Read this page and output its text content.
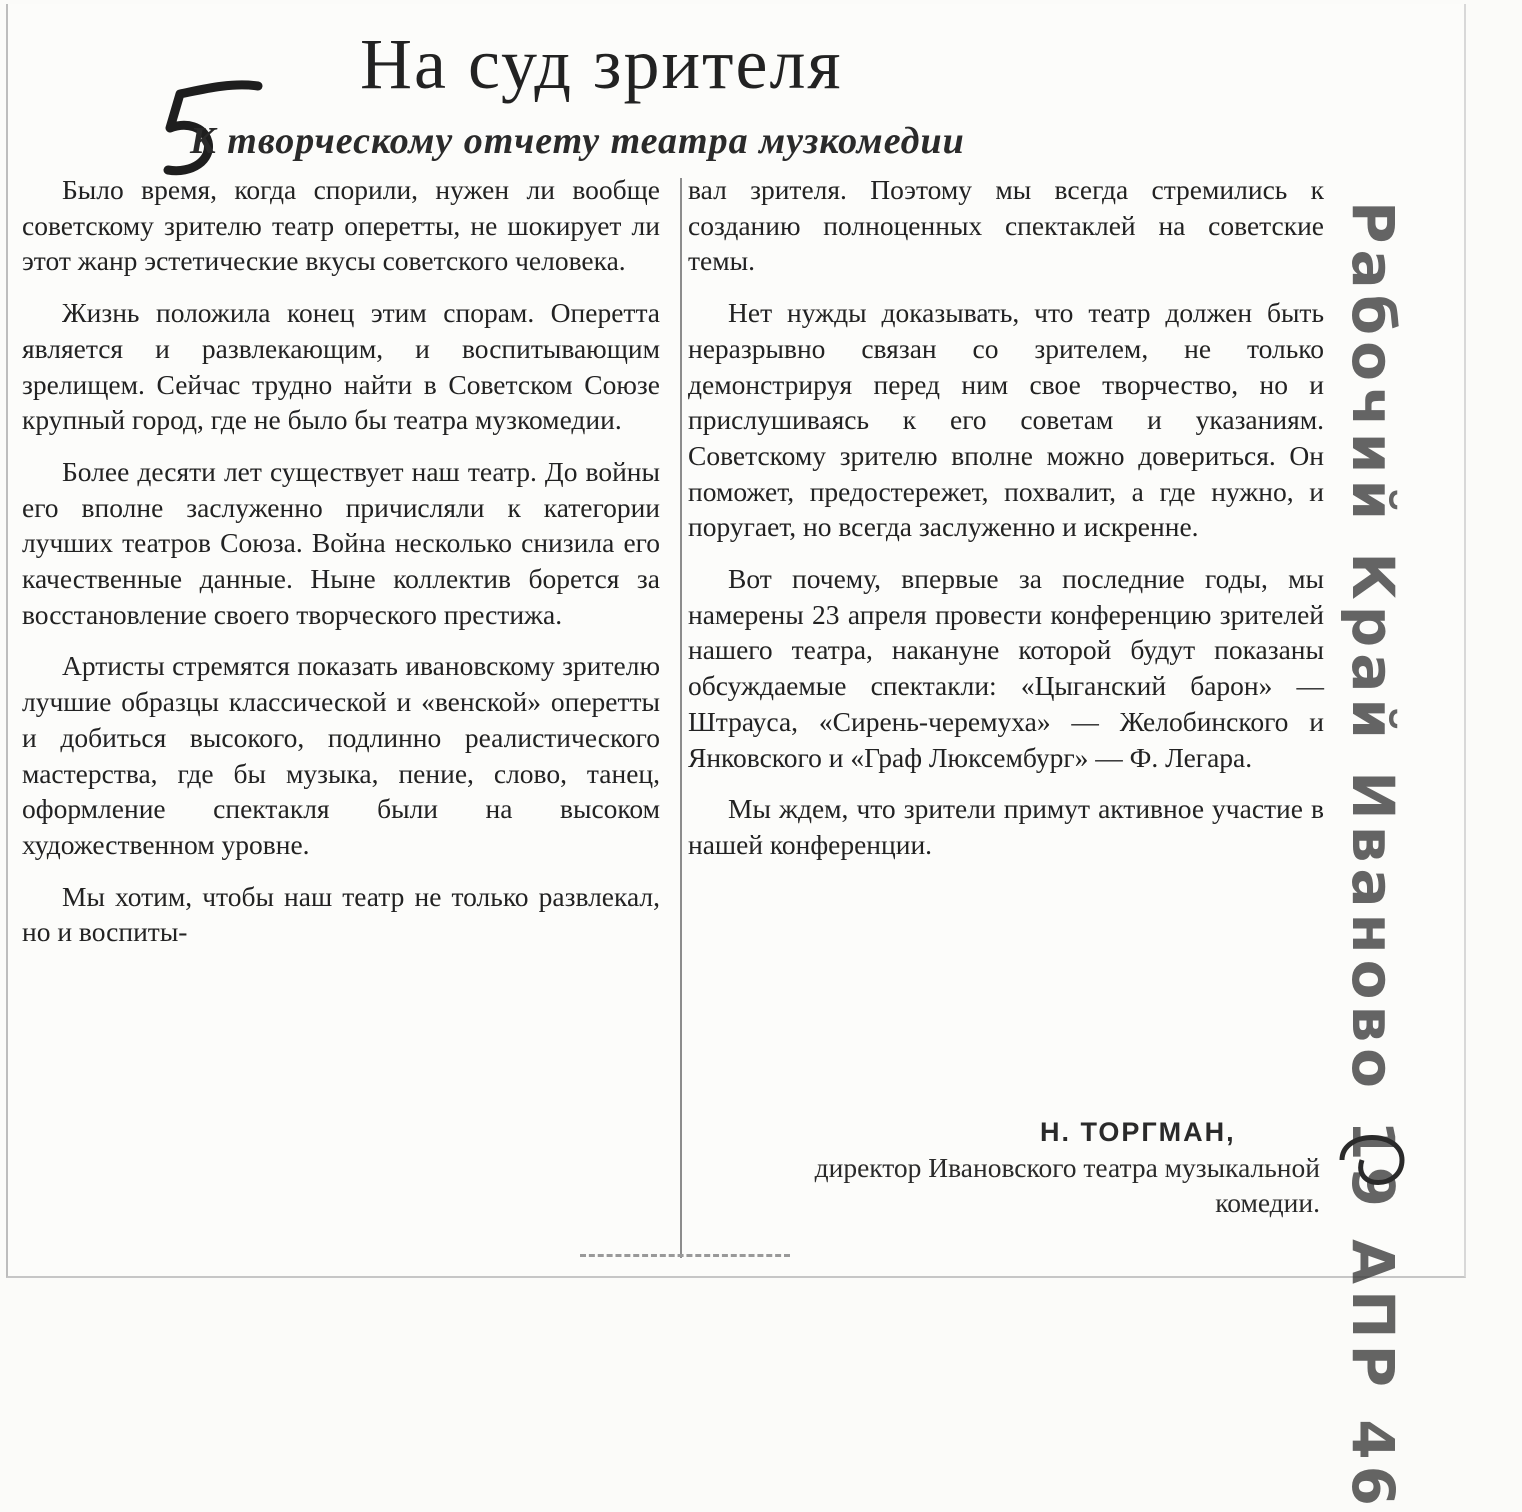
На суд зрителя
К творческому отчету театра музкомедии

Было время, когда спорили, нужен ли вообще советскому зрителю театр оперетты, не шокирует ли этот жанр эстетические вкусы советского человека.

Жизнь положила конец этим спорам. Оперетта является и развлекающим, и воспитывающим зрелищем. Сейчас трудно найти в Советском Союзе крупный город, где не было бы театра музкомедии.

Более десяти лет существует наш театр. До войны его вполне заслуженно причисляли к категории лучших театров Союза. Война несколько снизила его качественные данные. Ныне коллектив борется за восстановление своего творческого престижа.

Артисты стремятся показать ивановскому зрителю лучшие образцы классической и «венской» оперетты и добиться высокого, подлинно реалистического мастерства, где бы музыка, пение, слово, танец, оформление спектакля были на высоком художественном уровне.

Мы хотим, чтобы наш театр не только развлекал, но и воспиты-

вал зрителя. Поэтому мы всегда стремились к созданию полноценных спектаклей на советские темы.

Нет нужды доказывать, что театр должен быть неразрывно связан со зрителем, не только демонстрируя перед ним свое творчество, но и прислушиваясь к его советам и указаниям. Советскому зрителю вполне можно довериться. Он поможет, предостережет, похвалит, а где нужно, и поругает, но всегда заслуженно и искренне.

Вот почему, впервые за последние годы, мы намерены 23 апреля провести конференцию зрителей нашего театра, накануне которой будут показаны обсуждаемые спектакли: «Цыганский барон» — Штрауса, «Сирень-черемуха» — Желобинского и Янковского и «Граф Люксембург» — Ф. Легара.

Мы ждем, что зрители примут активное участие в нашей конференции.

Н. ТОРГМАН,
директор Ивановского театра музыкальной комедии. Рабочий Край Иваново 19 АПР 46
